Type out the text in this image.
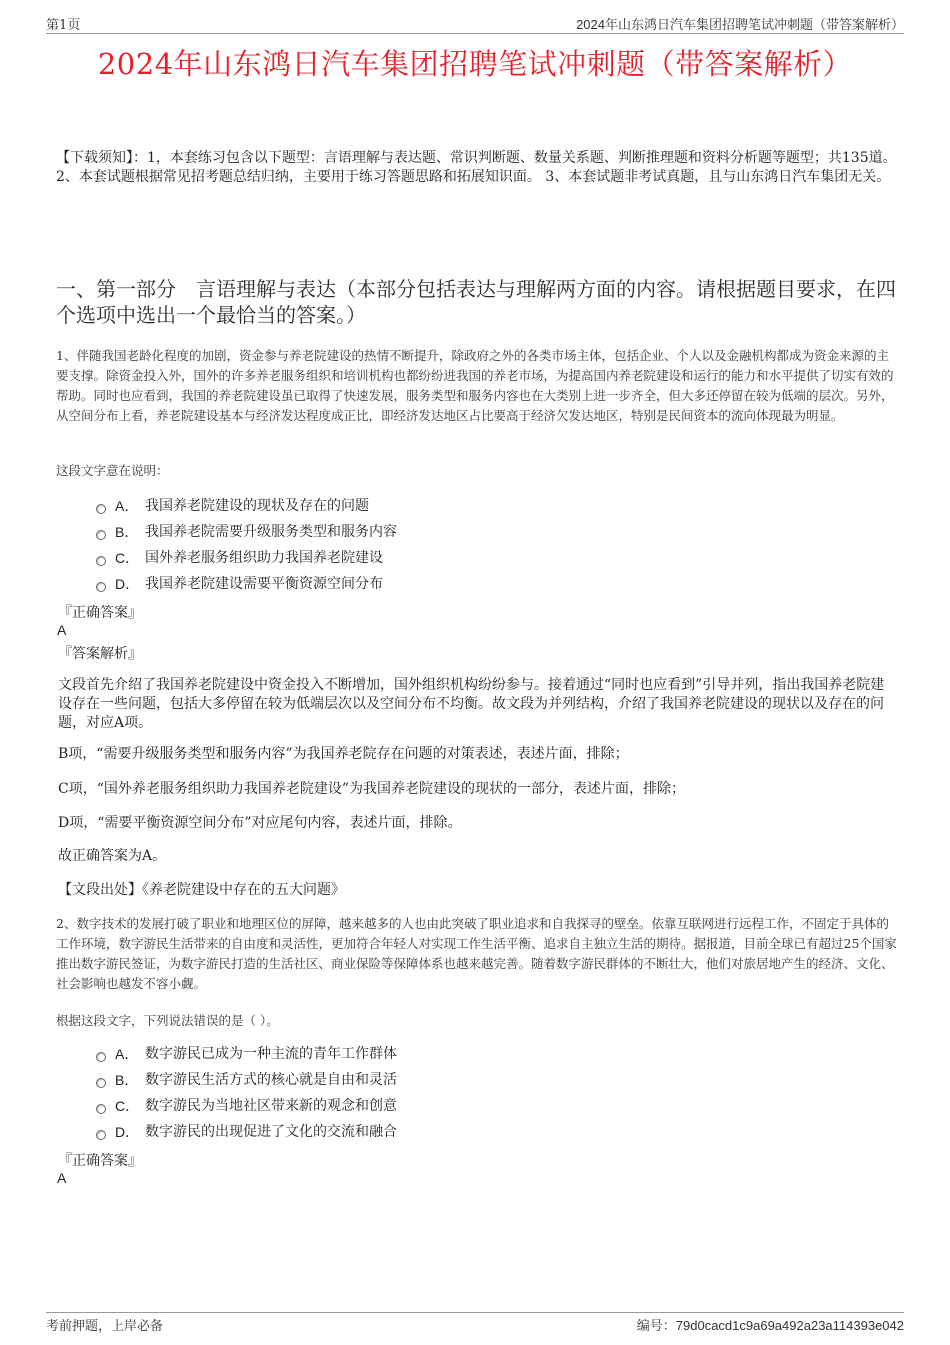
第1页	2024年山东鸿日汽车集团招聘笔试冲刺题（带答案解析）
2024年山东鸿日汽车集团招聘笔试冲刺题（带答案解析）
【下载须知】：1，本套练习包含以下题型：言语理解与表达题、常识判断题、数量关系题、判断推理题和资料分析题等题型；共135道。 2、本套试题根据常见招考题总结归纳，主要用于练习答题思路和拓展知识面。 3、本套试题非考试真题，且与山东鸿日汽车集团无关。
一、第一部分　言语理解与表达（本部分包括表达与理解两方面的内容。请根据题目要求，在四个选项中选出一个最恰当的答案。）
1、伴随我国老龄化程度的加剧，资金参与养老院建设的热情不断提升，除政府之外的各类市场主体，包括企业、个人以及金融机构都成为资金来源的主要支撑。除资金投入外，国外的许多养老服务组织和培训机构也都纷纷进我国的养老市场，为提高国内养老院建设和运行的能力和水平提供了切实有效的帮助。同时也应看到，我国的养老院建设虽已取得了快速发展，服务类型和服务内容也在大类别上进一步齐全，但大多还停留在较为低端的层次。另外，从空间分布上看，养老院建设基本与经济发达程度成正比，即经济发达地区占比要高于经济欠发达地区，特别是民间资本的流向体现最为明显。
这段文字意在说明：
A． 我国养老院建设的现状及存在的问题
B． 我国养老院需要升级服务类型和服务内容
C． 国外养老服务组织助力我国养老院建设
D． 我国养老院建设需要平衡资源空间分布
『正确答案』
A
『答案解析』
文段首先介绍了我国养老院建设中资金投入不断增加，国外组织机构纷纷参与。接着通过“同时也应看到”引导并列，指出我国养老院建设存在一些问题，包括大多停留在较为低端层次以及空间分布不均衡。故文段为并列结构，介绍了我国养老院建设的现状以及存在的问题，对应A项。
B项，“需要升级服务类型和服务内容”为我国养老院存在问题的对策表述，表述片面，排除；
C项，“国外养老服务组织助力我国养老院建设”为我国养老院建设的现状的一部分，表述片面，排除；
D项，“需要平衡资源空间分布”对应尾句内容，表述片面，排除。
故正确答案为A。
【文段出处】《养老院建设中存在的五大问题》
2、数字技术的发展打破了职业和地理区位的屏障，越来越多的人也由此突破了职业追求和自我探寻的壁垒。依靠互联网进行远程工作，不固定于具体的工作环境，数字游民生活带来的自由度和灵活性，更加符合年轻人对实现工作生活平衡、追求自主独立生活的期待。据报道，目前全球已有超过25个国家推出数字游民签证，为数字游民打造的生活社区、商业保险等保障体系也越来越完善。随着数字游民群体的不断壮大，他们对旅居地产生的经济、文化、社会影响也越发不容小觑。
根据这段文字，下列说法错误的是（ ）。
A． 数字游民已成为一种主流的青年工作群体
B． 数字游民生活方式的核心就是自由和灵活
C． 数字游民为当地社区带来新的观念和创意
D． 数字游民的出现促进了文化的交流和融合
『正确答案』
A
考前押题，上岸必备	编号：79d0cacd1c9a69a492a23a114393e042
